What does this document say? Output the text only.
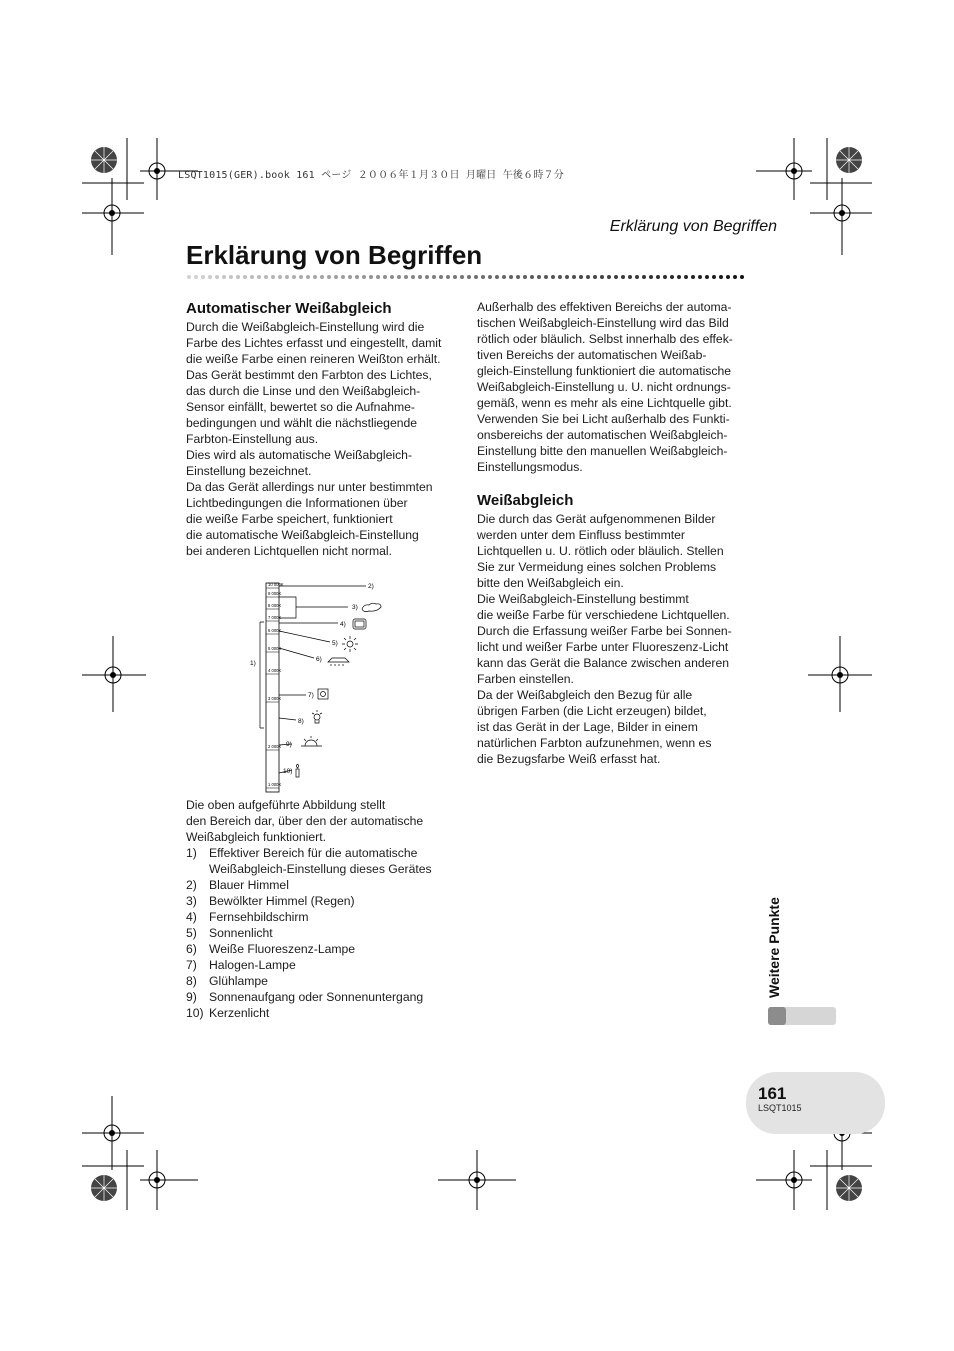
LSQT1015(GER).book 161 ページ ２００６年１月３０日 月曜日 午後６時７分
Erklärung von Begriffen
Erklärung von Begriffen
Automatischer Weißabgleich

Durch die Weißabgleich-Einstellung wird die
Farbe des Lichtes erfasst und eingestellt, damit
die weiße Farbe einen reineren Weißton erhält.
Das Gerät bestimmt den Farbton des Lichtes,
das durch die Linse und den Weißabgleich-
Sensor einfällt, bewertet so die Aufnahme-
bedingungen und wählt die nächstliegende
Farbton-Einstellung aus.
Dies wird als automatische Weißabgleich-
Einstellung bezeichnet.
Da das Gerät allerdings nur unter bestimmten
Lichtbedingungen die Informationen über
die weiße Farbe speichert, funktioniert
die automatische Weißabgleich-Einstellung
bei anderen Lichtquellen nicht normal.

10 000K
9 000K
8 000K
7 000K
6 000K
5 000K
4 000K
3 000K
2 000K
1 000K
1)
2)
3)
4)
5)
6)
7)
8)
9)
10)

Die oben aufgeführte Abbildung stellt
den Bereich dar, über den der automatische
Weißabgleich funktioniert.

1) Effektiver Bereich für die automatische
Weißabgleich-Einstellung dieses Gerätes
2) Blauer Himmel
3) Bewölkter Himmel (Regen)
4) Fernsehbildschirm
5) Sonnenlicht
6) Weiße Fluoreszenz-Lampe
7) Halogen-Lampe
8) Glühlampe
9) Sonnenaufgang oder Sonnenuntergang
10) Kerzenlicht

Außerhalb des effektiven Bereichs der automa-
tischen Weißabgleich-Einstellung wird das Bild
rötlich oder bläulich. Selbst innerhalb des effek-
tiven Bereichs der automatischen Weißab-
gleich-Einstellung funktioniert die automatische
Weißabgleich-Einstellung u. U. nicht ordnungs-
gemäß, wenn es mehr als eine Lichtquelle gibt.
Verwenden Sie bei Licht außerhalb des Funkti-
onsbereichs der automatischen Weißabgleich-
Einstellung bitte den manuellen Weißabgleich-
Einstellungsmodus.

Weißabgleich

Die durch das Gerät aufgenommenen Bilder
werden unter dem Einfluss bestimmter
Lichtquellen u. U. rötlich oder bläulich. Stellen
Sie zur Vermeidung eines solchen Problems
bitte den Weißabgleich ein.
Die Weißabgleich-Einstellung bestimmt
die weiße Farbe für verschiedene Lichtquellen.
Durch die Erfassung weißer Farbe bei Sonnen-
licht und weißer Farbe unter Fluoreszenz-Licht
kann das Gerät die Balance zwischen anderen
Farben einstellen.
Da der Weißabgleich den Bezug für alle
übrigen Farben (die Licht erzeugen) bildet,
ist das Gerät in der Lage, Bilder in einem
natürlichen Farbton aufzunehmen, wenn es
die Bezugsfarbe Weiß erfasst hat.

Weitere Punkte
161
LSQT1015
